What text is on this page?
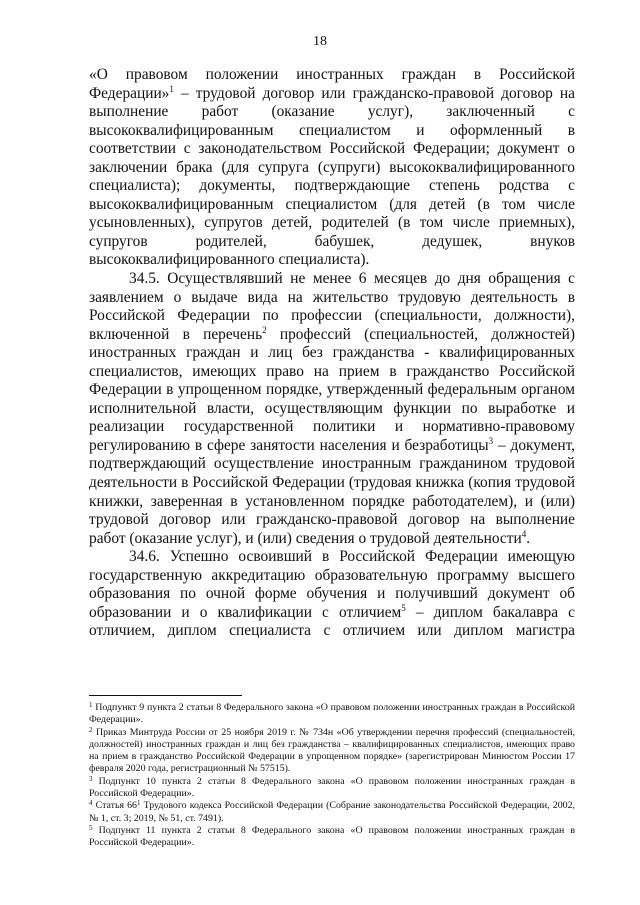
18

«О правовом положении иностранных граждан в Российской Федерации»$^1$ – трудовой договор или гражданско-правовой договор на выполнение работ (оказание услуг), заключенный с высококвалифицированным специалистом и оформленный в соответствии с законодательством Российской Федерации; документ о заключении брака (для супруга (супруги) высококвалифицированного специалиста); документы, подтверждающие степень родства с высококвалифицированным специалистом (для детей (в том числе усыновленных), супругов детей, родителей (в том числе приемных), супругов родителей, бабушек, дедушек, внуков высококвалифицированного специалиста).

34.5. Осуществлявший не менее 6 месяцев до дня обращения с заявлением о выдаче вида на жительство трудовую деятельность в Российской Федерации по профессии (специальности, должности), включенной в перечень$^2$ профессий (специальностей, должностей) иностранных граждан и лиц без гражданства - квалифицированных специалистов, имеющих право на прием в гражданство Российской Федерации в упрощенном порядке, утвержденный федеральным органом исполнительной власти, осуществляющим функции по выработке и реализации государственной политики и нормативно-правовому регулированию в сфере занятости населения и безработицы$^3$ – документ, подтверждающий осуществление иностранным гражданином трудовой деятельности в Российской Федерации (трудовая книжка (копия трудовой книжки, заверенная в установленном порядке работодателем), и (или) трудовой договор или гражданско-правовой договор на выполнение работ (оказание услуг), и (или) сведения о трудовой деятельности$^4$.

34.6. Успешно освоивший в Российской Федерации имеющую государственную аккредитацию образовательную программу высшего образования по очной форме обучения и получивший документ об образовании и о квалификации с отличием$^5$ – диплом бакалавра с отличием, диплом специалиста с отличием или диплом магистра

$^1$ Подпункт 9 пункта 2 статьи 8 Федерального закона «О правовом положении иностранных граждан в Российской Федерации».

$^2$ Приказ Минтруда России от 25 ноября 2019 г. № 734н «Об утверждении перечня профессий (специальностей, должностей) иностранных граждан и лиц без гражданства – квалифицированных специалистов, имеющих право на прием в гражданство Российской Федерации в упрощенном порядке» (зарегистрирован Минюстом России 17 февраля 2020 года, регистрационный № 57515).

$^3$ Подпункт 10 пункта 2 статьи 8 Федерального закона «О правовом положении иностранных граждан в Российской Федерации».

$^4$ Статья $66^1$ Трудового кодекса Российской Федерации (Собрание законодательства Российской Федерации, 2002, № 1, ст. 3; 2019, № 51, ст. 7491).

$^5$ Подпункт 11 пункта 2 статьи 8 Федерального закона «О правовом положении иностранных граждан в Российской Федерации».
